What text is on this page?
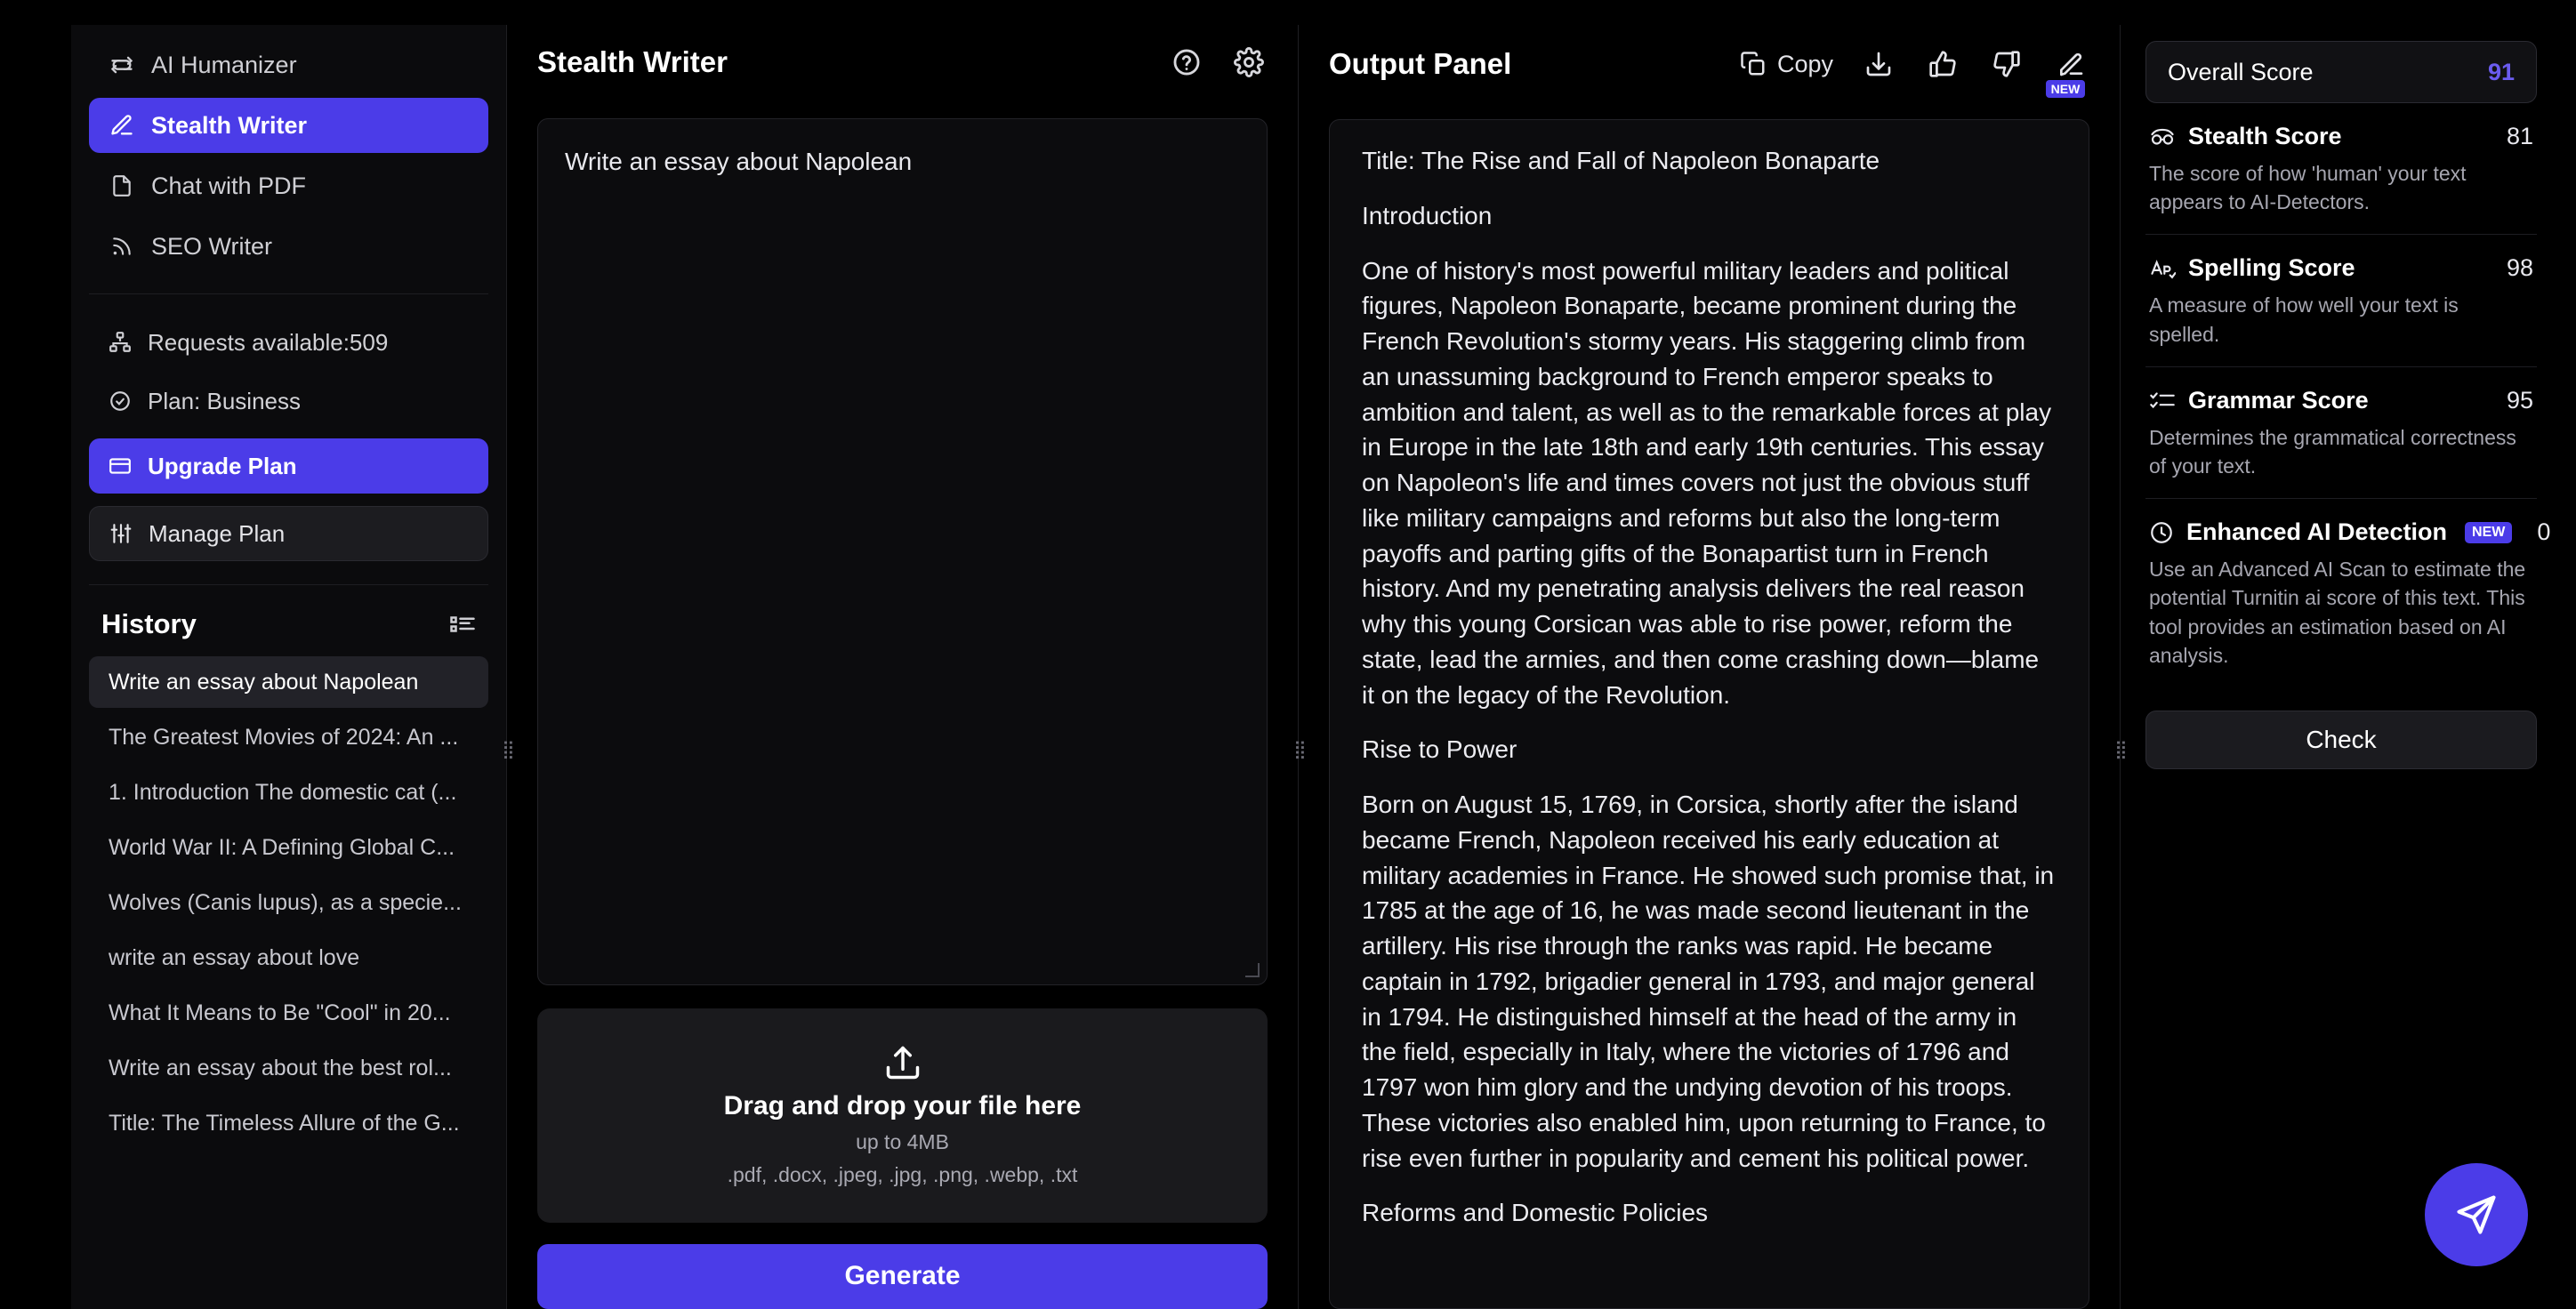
AI Humanizer
Stealth Writer
Chat with PDF
SEO Writer
Requests available:509
Plan: Business
Upgrade Plan
Manage Plan
History
Write an essay about Napolean
The Greatest Movies of 2024: An ...
1. Introduction The domestic cat (...
World War II: A Defining Global C...
Wolves (Canis lupus), as a specie...
write an essay about love
What It Means to Be "Cool" in 20...
Write an essay about the best rol...
Title: The Timeless Allure of the G...
⣿
Stealth Writer
Write an essay about Napolean
Drag and drop your file here
up to 4MB
.pdf, .docx, .jpeg, .jpg, .png, .webp, .txt
Generate
⣿	⣿
Output Panel	Copy
NEW

Title: The Rise and Fall of Napoleon Bonaparte

Introduction

One of history's most powerful military leaders and political figures, Napoleon Bonaparte, became prominent during the French Revolution's stormy years. His staggering climb from an unassuming background to French emperor speaks to ambition and talent, as well as to the remarkable forces at play in Europe in the late 18th and early 19th centuries. This essay on Napoleon's life and times covers not just the obvious stuff like military campaigns and reforms but also the long-term payoffs and parting gifts of the Bonapartist turn in French history. And my penetrating analysis delivers the real reason why this young Corsican was able to rise power, reform the state, lead the armies, and then come crashing down—blame it on the legacy of the Revolution.

Rise to Power

Born on August 15, 1769, in Corsica, shortly after the island became French, Napoleon received his early education at military academies in France. He showed such promise that, in 1785 at the age of 16, he was made second lieutenant in the artillery. His rise through the ranks was rapid. He became captain in 1792, brigadier general in 1793, and major general in 1794. He distinguished himself at the head of the army in the field, especially in Italy, where the victories of 1796 and 1797 won him glory and the undying devotion of his troops. These victories also enabled him, upon returning to France, to rise even further in popularity and cement his political power.

Reforms and Domestic Policies

Overall Score	91
Stealth Score	81
The score of how 'human' your text appears to AI-Detectors.
Spelling Score	98
A measure of how well your text is spelled.
Grammar Score	95
Determines the grammatical correctness of your text.
Enhanced AI Detection	NEW 0
Use an Advanced AI Scan to estimate the potential Turnitin ai score of this text. This tool provides an estimation based on AI analysis.
Check
